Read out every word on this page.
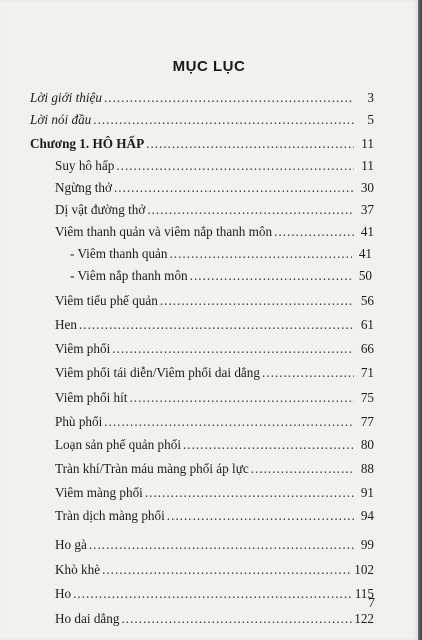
MỤC LỤC
Lời giới thiệu .....	3
Lời nói đầu .....	5
Chương 1. HÔ HẤP .....	11
Suy hô hấp .....	11
Ngừng thở .....	30
Dị vật đường thở .....	37
Viêm thanh quản và viêm nắp thanh môn .....	41
- Viêm thanh quản .....	41
- Viêm nắp thanh môn .....	50
Viêm tiểu phế quản .....	56
Hen .....	61
Viêm phổi .....	66
Viêm phổi tái diễn/Viêm phổi dai dẳng .....	71
Viêm phổi hít .....	75
Phù phổi .....	77
Loạn sản phế quản phổi .....	80
Tràn khí/Tràn máu màng phổi áp lực .....	88
Viêm màng phổi .....	91
Tràn dịch màng phổi .....	94
Ho gà .....	99
Khò khè .....	102
Ho .....	115
Ho dai dẳng .....	122
7
